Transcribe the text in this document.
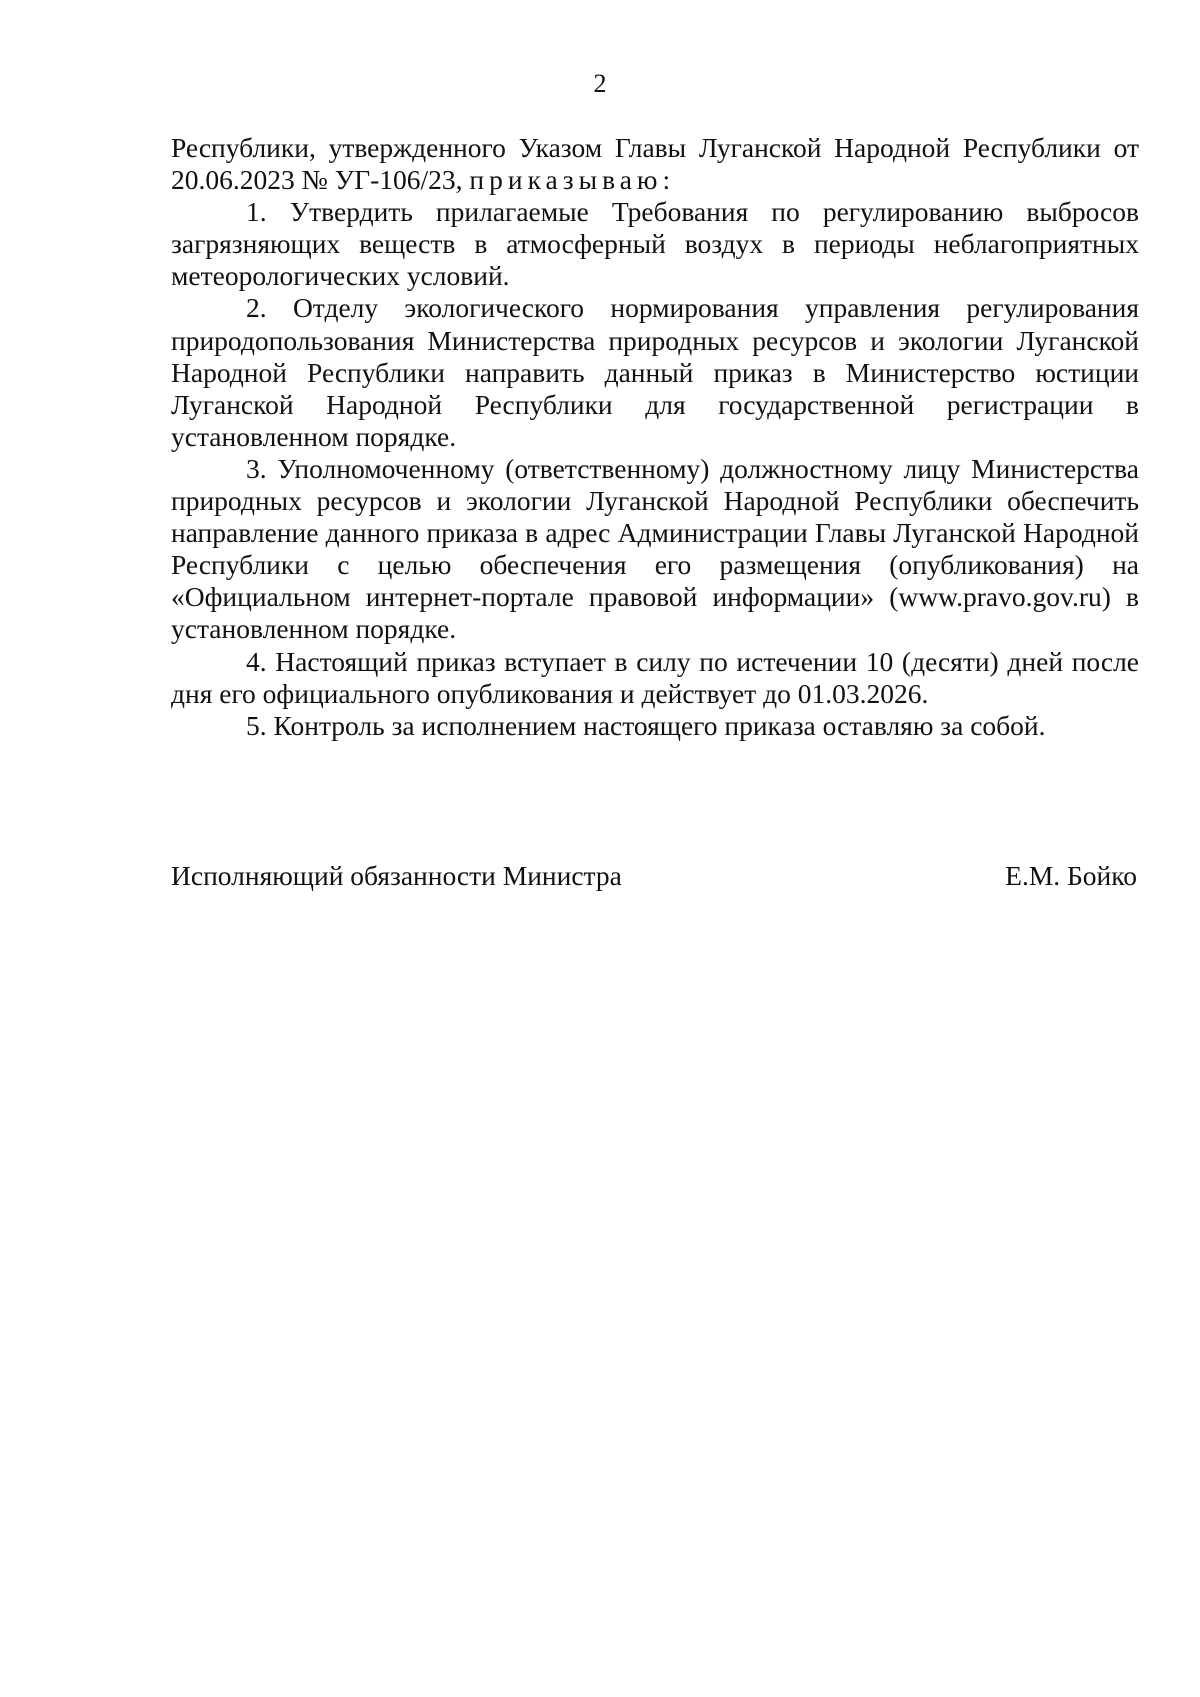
2

Республики, утвержденного Указом Главы Луганской Народной Республики от 20.06.2023 № УГ-106/23, приказываю:

1. Утвердить прилагаемые Требования по регулированию выбросов загрязняющих веществ в атмосферный воздух в периоды неблагоприятных метеорологических условий.

2. Отделу экологического нормирования управления регулирования природопользования Министерства природных ресурсов и экологии Луганской Народной Республики направить данный приказ в Министерство юстиции Луганской Народной Республики для государственной регистрации в установленном порядке.

3. Уполномоченному (ответственному) должностному лицу Министерства природных ресурсов и экологии Луганской Народной Республики обеспечить направление данного приказа в адрес Администрации Главы Луганской Народной Республики с целью обеспечения его размещения (опубликования) на «Официальном интернет-портале правовой информации» (www.pravo.gov.ru) в установленном порядке.

4. Настоящий приказ вступает в силу по истечении 10 (десяти) дней после дня его официального опубликования и действует до 01.03.2026.

5. Контроль за исполнением настоящего приказа оставляю за собой.

Исполняющий обязанности Министра	Е.М. Бойко
